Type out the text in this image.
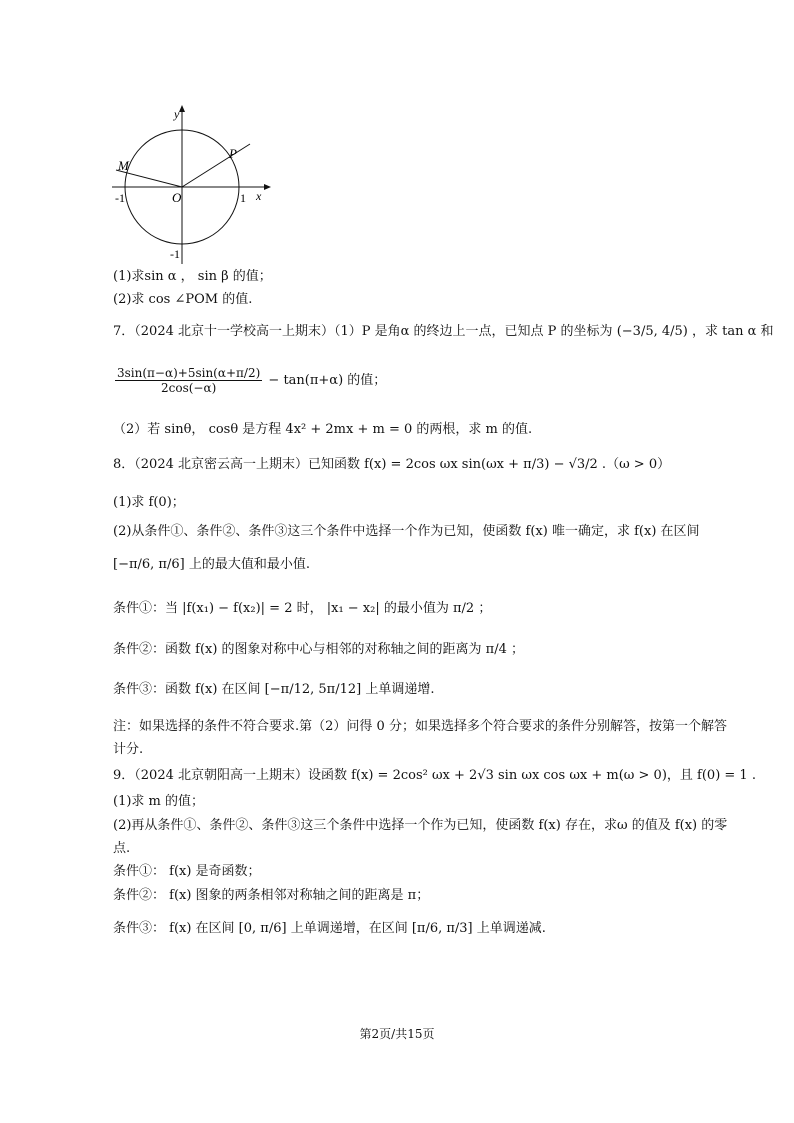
y
x
P
M
O	1
-1
-1
(1)求sin α ， sin β 的值；
(2)求 cos ∠POM 的值.
7．（2024 北京十一学校高一上期末）（1）P 是角α 的终边上一点，已知点 P 的坐标为 (−3/5, 4/5) ，求 tan α 和
$\frac{3\sin(\pi-\alpha)+5\sin(\alpha+\pi/2)}{2\cos(-\alpha)} - \tan(\pi+\alpha)$ 的值；
（2）若 sinθ， cosθ 是方程 4x² + 2mx + m = 0 的两根，求 m 的值.
8．（2024 北京密云高一上期末）已知函数 f(x) = 2cos ωx sin(ωx + π/3) − √3/2 .（ω > 0）
(1)求 f(0)；
(2)从条件①、条件②、条件③这三个条件中选择一个作为已知，使函数 f(x) 唯一确定，求 f(x) 在区间
[−π/6, π/6] 上的最大值和最小值.
条件①：当 |f(x₁) − f(x₂)| = 2 时， |x₁ − x₂| 的最小值为 π/2 ；
条件②：函数 f(x) 的图象对称中心与相邻的对称轴之间的距离为 π/4 ；
条件③：函数 f(x) 在区间 [−π/12, 5π/12] 上单调递增.
注：如果选择的条件不符合要求.第（2）问得 0 分；如果选择多个符合要求的条件分别解答，按第一个解答
计分.
9．（2024 北京朝阳高一上期末）设函数 f(x) = 2cos² ωx + 2√3 sin ωx cos ωx + m(ω > 0)，且 f(0) = 1 .
(1)求 m 的值；
(2)再从条件①、条件②、条件③这三个条件中选择一个作为已知，使函数 f(x) 存在，求ω 的值及 f(x) 的零
点.
条件①： f(x) 是奇函数；
条件②： f(x) 图象的两条相邻对称轴之间的距离是 π；
条件③： f(x) 在区间 [0, π/6] 上单调递增，在区间 [π/6, π/3] 上单调递减.
第2页/共15页
